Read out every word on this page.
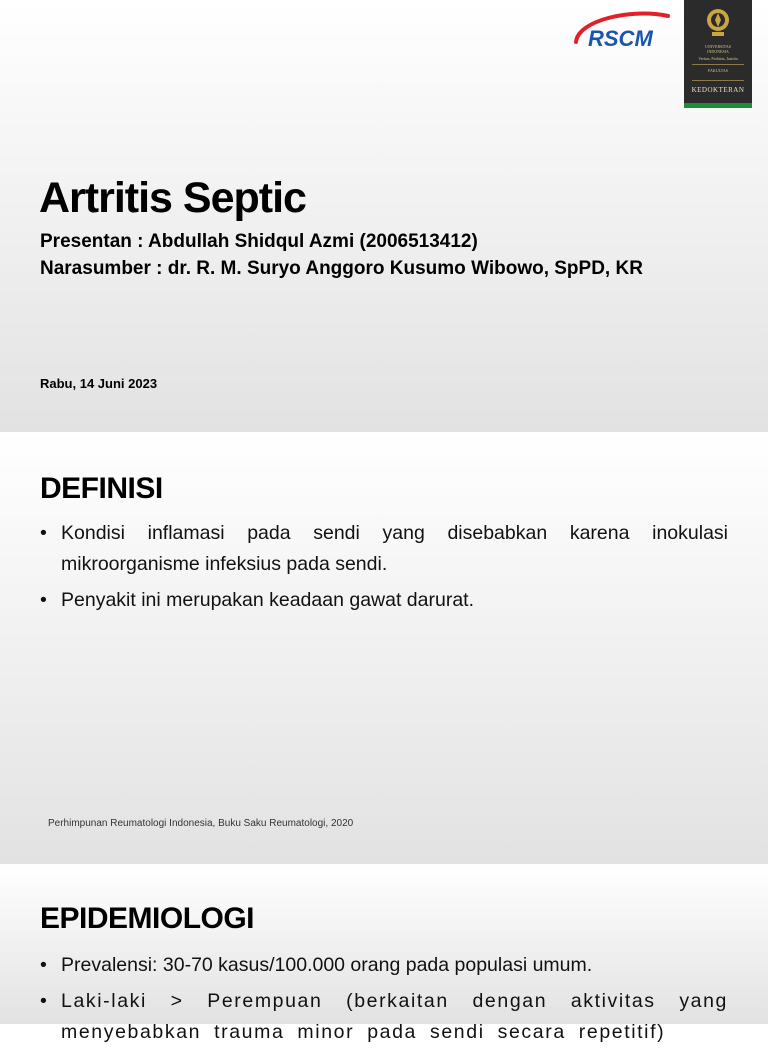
RSCM	UNIVERSITAS
INDONESIA
Veritas, Probitas, Iustitia
FAKULTAS
KEDOKTERAN
Artritis Septic
Presentan : Abdullah Shidqul Azmi (2006513412)
Narasumber : dr. R. M. Suryo Anggoro Kusumo Wibowo, SpPD, KR
Rabu, 14 Juni 2023
DEFINISI
• Kondisi inflamasi pada sendi yang disebabkan karena inokulasi mikroorganisme infeksius pada sendi.
• Penyakit ini merupakan keadaan gawat darurat.
Perhimpunan Reumatologi Indonesia, Buku Saku Reumatologi, 2020
EPIDEMIOLOGI
• Prevalensi: 30-70 kasus/100.000 orang pada populasi umum.
• Laki-laki > Perempuan (berkaitan dengan aktivitas yang menyebabkan trauma minor pada sendi secara repetitif)
